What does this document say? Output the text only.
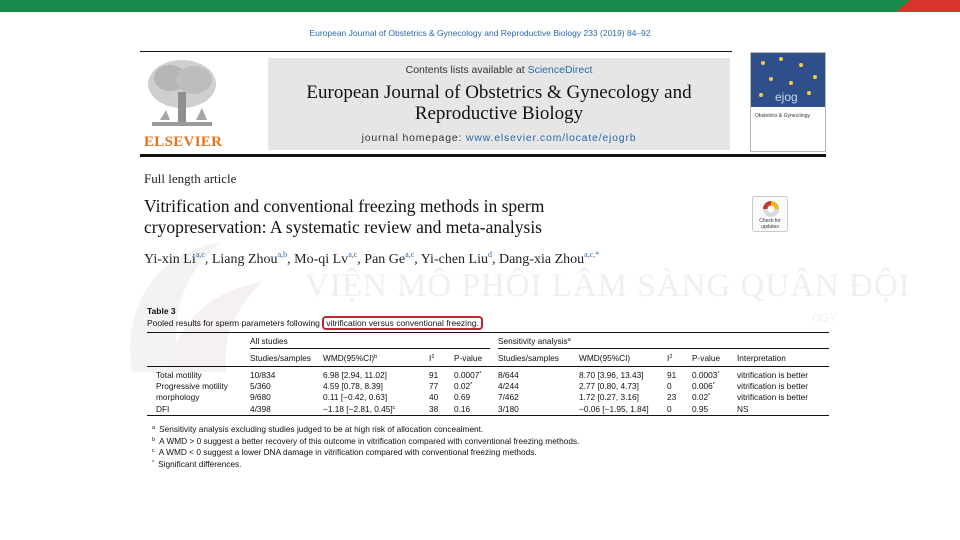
VIỆN MÔ PHÔI LÂM SÀNG QUÂN ĐỘI
OGY
European Journal of Obstetrics & Gynecology and Reproductive Biology 233 (2019) 84–92
ELSEVIER
Contents lists available at ScienceDirect
European Journal of Obstetrics & Gynecology and
Reproductive Biology
journal homepage: www.elsevier.com/locate/ejogrb
ejog
Obstetrics & Gynecology
Full length article
Vitrification and conventional freezing methods in sperm
cryopreservation: A systematic review and meta-analysis	Check for
updates
Yi-xin Li$^{a,c}$, Liang Zhou$^{a,b}$, Mo-qi Lv$^{a,c}$, Pan Ge$^{a,c}$, Yi-chen Liu$^d$, Dang-xia Zhou$^{a,c,*}$
Table 3
Pooled results for sperm parameters following vitrification versus conventional freezing.
All studies	Sensitivity analysis$^a$
Studies/samples $WMD(95\%CI)^b$	$I^2$ P-value Studies/samples WMD(95%CI)	$I^2$ P-value Interpretation
Total motility	10/834	6.98 [2.94, 11.02]	91 0.0007* 8/644	8.70 [3.96, 13.43]	91 0.0003* vitrification is better
Progressive motility	5/360	4.59 [0.78, 8.39]	77 0.02*	4/244	2.77 [0.80, 4.73]	0 0.006*	vitrification is better
morphology	9/680	0.11 [−0.42, 0.63]	40 0.69	7/462	1.72 [0.27, 3.16]	23 0.02*	vitrification is better
DFI	4/398	−1.18 [−2.81, 0.45]$^c$	38 0.16	3/180	−0.06 [−1.95, 1.84] 0 0.95	NS
$^a$ Sensitivity analysis excluding studies judged to be at high risk of allocation concealment.
$^b$ A WMD > 0 suggest a better recovery of this outcome in vitrification compared with conventional freezing methods.
$^c$ A WMD < 0 suggest a lower DNA damage in vitrification compared with conventional freezing methods.
* Significant differences.
